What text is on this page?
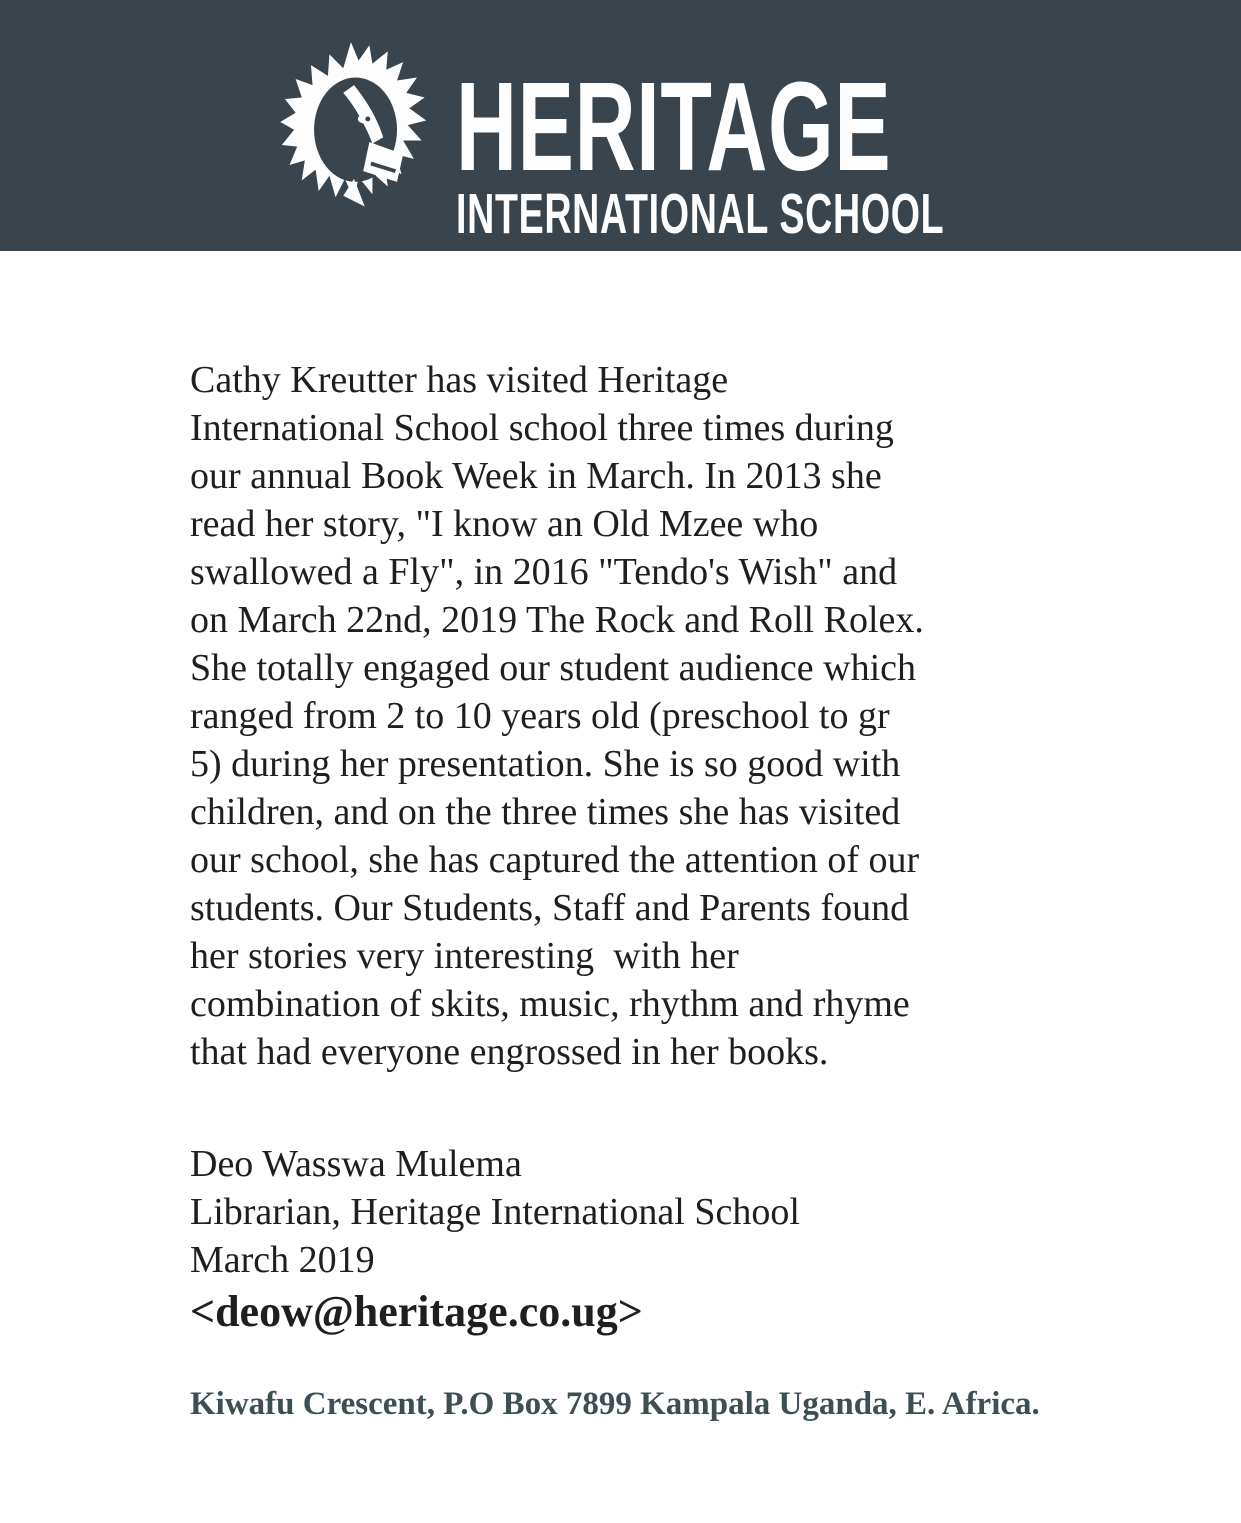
HERITAGE
INTERNATIONAL SCHOOL
Cathy Kreutter has visited Heritage
International School school three times during
our annual Book Week in March. In 2013 she
read her story, "I know an Old Mzee who
swallowed a Fly", in 2016 "Tendo's Wish" and
on March 22nd, 2019 The Rock and Roll Rolex.
She totally engaged our student audience which
ranged from 2 to 10 years old (preschool to gr
5) during her presentation. She is so good with
children, and on the three times she has visited
our school, she has captured the attention of our
students. Our Students, Staff and Parents found
her stories very interesting  with her
combination of skits, music, rhythm and rhyme
that had everyone engrossed in her books.
Deo Wasswa Mulema
Librarian, Heritage International School
March 2019
<deow@heritage.co.ug>
Kiwafu Crescent, P.O Box 7899 Kampala Uganda, E. Africa.
